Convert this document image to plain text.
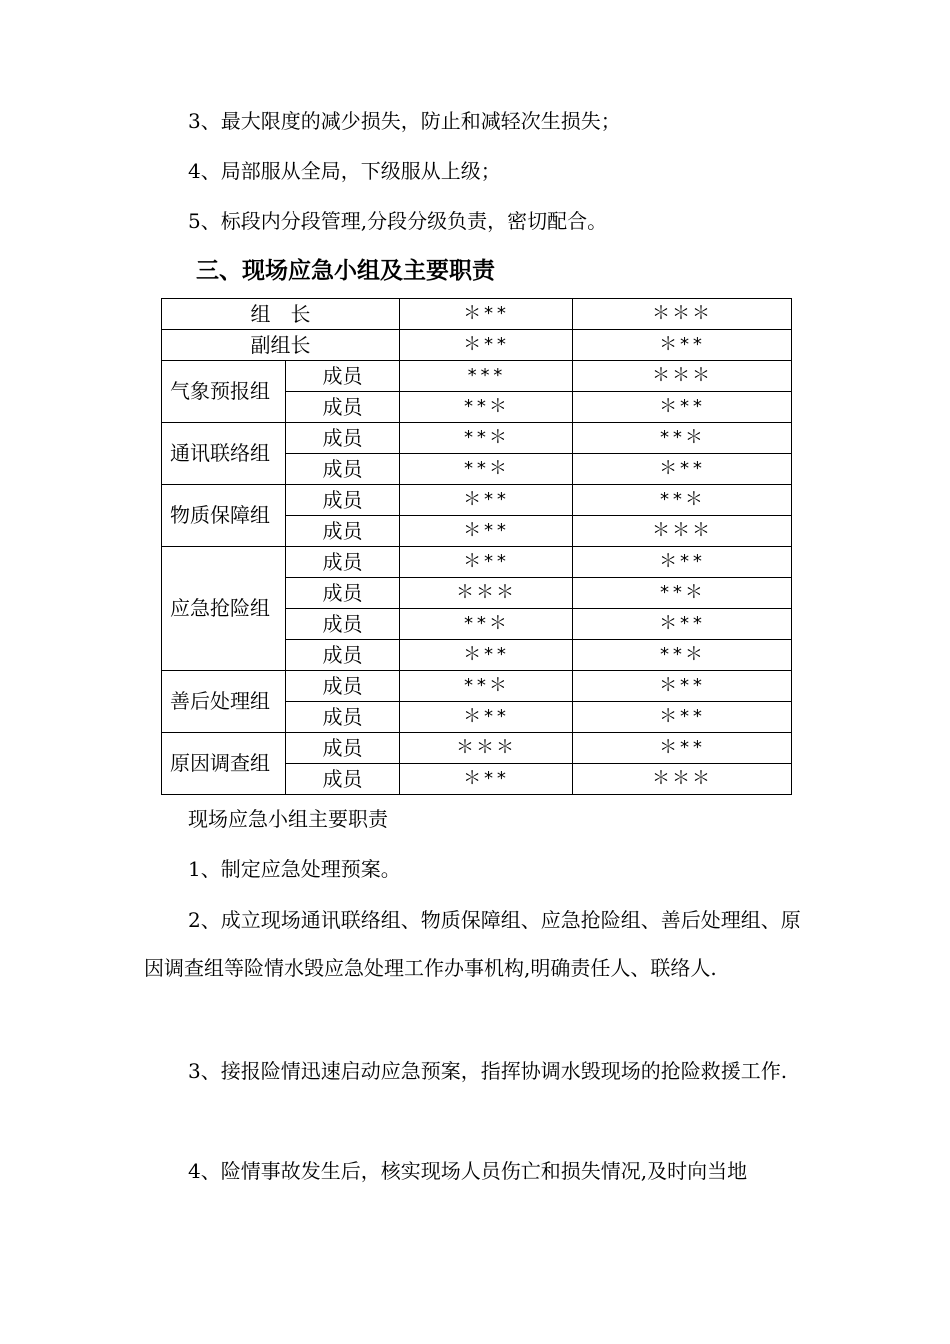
3、最大限度的减少损失，防止和减轻次生损失；

4、局部服从全局，下级服从上级；

5、标段内分段管理,分段分级负责，密切配合。

三、现场应急小组及主要职责
组　长		＊**	＊＊＊
副组长		＊**	＊**
气象预报组	成员	***	＊＊＊
	成员	**＊	＊**
通讯联络组	成员	**＊	**＊
	成员	**＊	＊**
物质保障组	成员	＊**	**＊
	成员	＊**	＊＊＊
应急抢险组	成员	＊**	＊**
	成员	＊＊＊	**＊
	成员	**＊	＊**
	成员	＊**	**＊
善后处理组	成员	**＊	＊**
	成员	＊**	＊**
原因调查组	成员	＊＊＊	＊**
	成员	＊**	＊＊＊

现场应急小组主要职责

1、制定应急处理预案。

2、成立现场通讯联络组、物质保障组、应急抢险组、善后处理组、原因调查组等险情水毁应急处理工作办事机构,明确责任人、联络人.

3、接报险情迅速启动应急预案，指挥协调水毁现场的抢险救援工作.

4、险情事故发生后，核实现场人员伤亡和损失情况,及时向当地
